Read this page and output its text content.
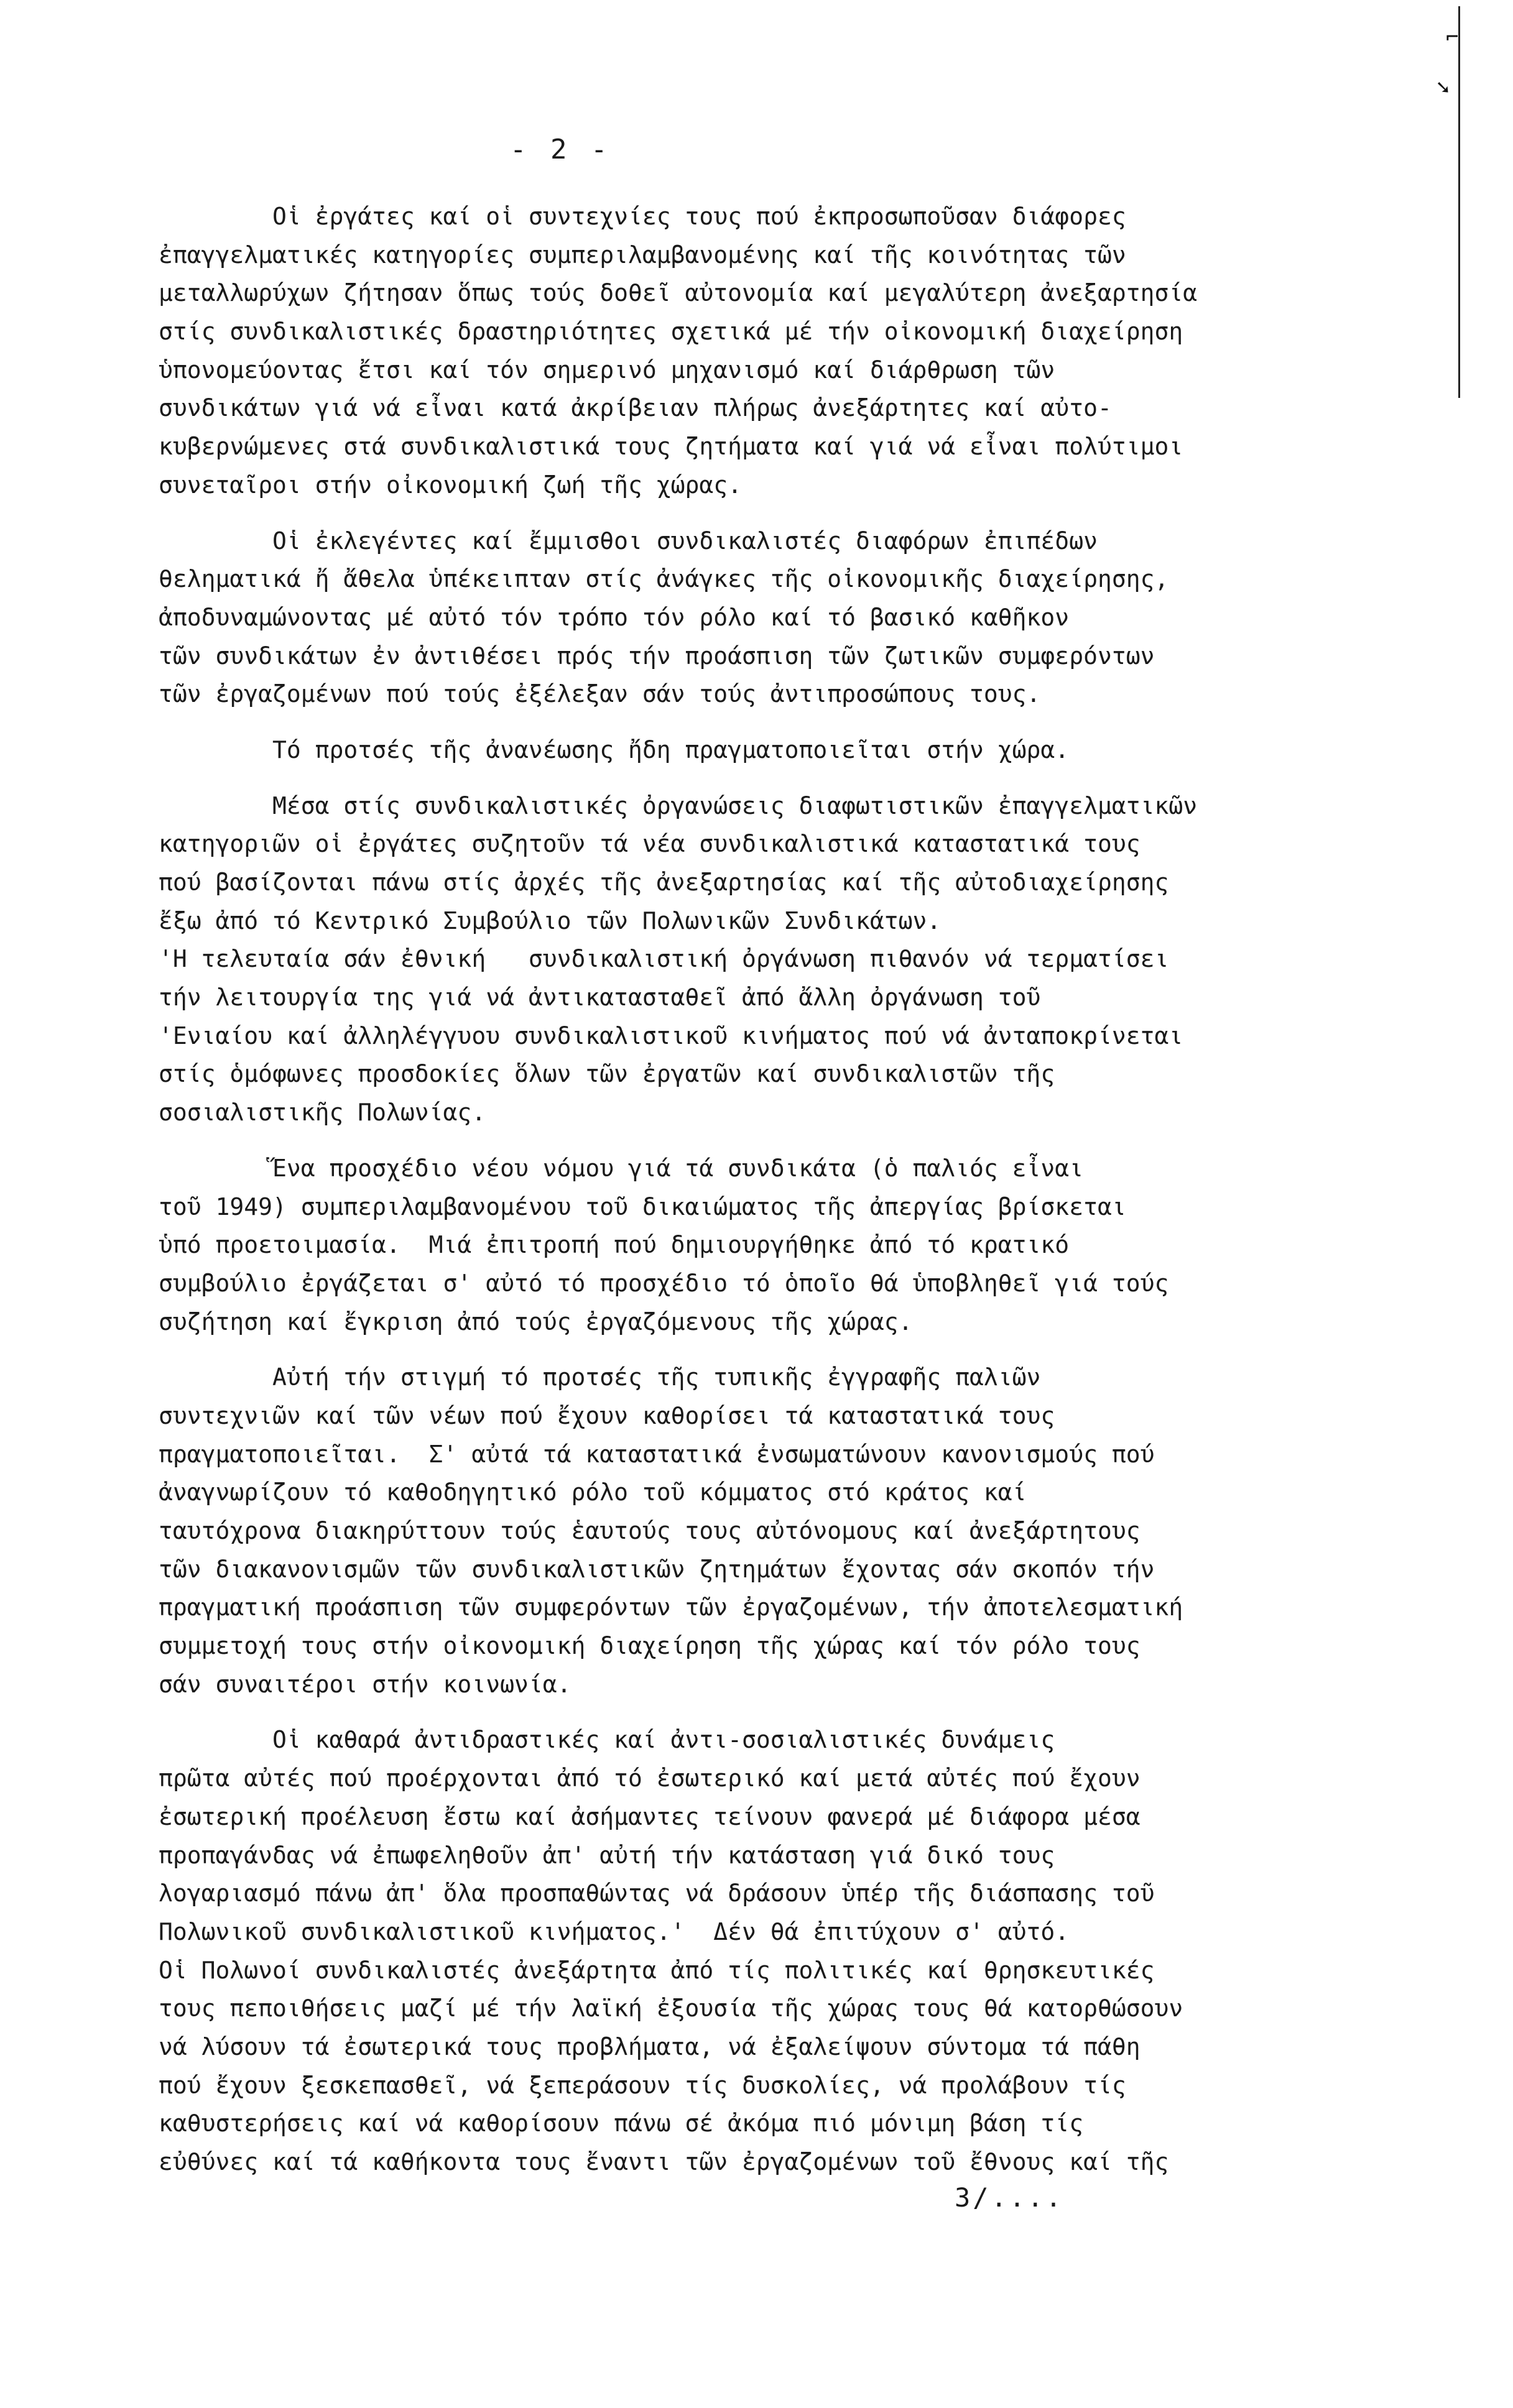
⌐
➘
- 2 -
Οἱ ἐργάτες καί οἱ συντεχνίες τους πού ἐκπροσωποῦσαν διάφορες
ἐπαγγελματικές κατηγορίες συμπεριλαμβανομένης καί τῆς κοινότητας τῶν
μεταλλωρύχων ζήτησαν ὅπως τούς δοθεῖ αὐτονομία καί μεγαλύτερη ἀνεξαρτησία
στίς συνδικαλιστικές δραστηριότητες σχετικά μέ τήν οἰκονομική διαχείρηση
ὑπονομεύοντας ἔτσι καί τόν σημερινό μηχανισμό καί διάρθρωση τῶν
συνδικάτων γιά νά εἶναι κατά ἀκρίβειαν πλήρως ἀνεξάρτητες καί αὐτο-
κυβερνώμενες στά συνδικαλιστικά τους ζητήματα καί γιά νά εἶναι πολύτιμοι
συνεταῖροι στήν οἰκονομική ζωή τῆς χώρας.
Οἱ ἐκλεγέντες καί ἔμμισθοι συνδικαλιστές διαφόρων ἐπιπέδων
θεληματικά ἤ ἄθελα ὑπέκειπταν στίς ἀνάγκες τῆς οἰκονομικῆς διαχείρησης,
ἀποδυναμώνοντας μέ αὐτό τόν τρόπο τόν ρόλο καί τό βασικό καθῆκον
τῶν συνδικάτων ἐν ἀντιθέσει πρός τήν προάσπιση τῶν ζωτικῶν συμφερόντων
τῶν ἐργαζομένων πού τούς ἐξέλεξαν σάν τούς ἀντιπροσώπους τους.
Τό προτσές τῆς ἀνανέωσης ἤδη πραγματοποιεῖται στήν χώρα.
Μέσα στίς συνδικαλιστικές ὀργανώσεις διαφωτιστικῶν ἐπαγγελματικῶν
κατηγοριῶν οἱ ἐργάτες συζητοῦν τά νέα συνδικαλιστικά καταστατικά τους
πού βασίζονται πάνω στίς ἀρχές τῆς ἀνεξαρτησίας καί τῆς αὐτοδιαχείρησης
ἔξω ἀπό τό Κεντρικό Συμβούλιο τῶν Πολωνικῶν Συνδικάτων.
'Η τελευταία σάν ἐθνική   συνδικαλιστική ὀργάνωση πιθανόν νά τερματίσει
τήν λειτουργία της γιά νά ἀντικατασταθεῖ ἀπό ἄλλη ὀργάνωση τοῦ
'Ενιαίου καί ἀλληλέγγυου συνδικαλιστικοῦ κινήματος πού νά ἀνταποκρίνεται
στίς ὁμόφωνες προσδοκίες ὅλων τῶν ἐργατῶν καί συνδικαλιστῶν τῆς
σοσιαλιστικῆς Πολωνίας.
Ἕνα προσχέδιο νέου νόμου γιά τά συνδικάτα (ὁ παλιός εἶναι
τοῦ 1949) συμπεριλαμβανομένου τοῦ δικαιώματος τῆς ἀπεργίας βρίσκεται
ὑπό προετοιμασία.  Μιά ἐπιτροπή πού δημιουργήθηκε ἀπό τό κρατικό
συμβούλιο ἐργάζεται σ' αὐτό τό προσχέδιο τό ὁποῖο θά ὑποβληθεῖ γιά τούς
συζήτηση καί ἔγκριση ἀπό τούς ἐργαζόμενους τῆς χώρας.
Αὐτή τήν στιγμή τό προτσές τῆς τυπικῆς ἐγγραφῆς παλιῶν
συντεχνιῶν καί τῶν νέων πού ἔχουν καθορίσει τά καταστατικά τους
πραγματοποιεῖται.  Σ' αὐτά τά καταστατικά ἐνσωματώνουν κανονισμούς πού
ἀναγνωρίζουν τό καθοδηγητικό ρόλο τοῦ κόμματος στό κράτος καί
ταυτόχρονα διακηρύττουν τούς ἑαυτούς τους αὐτόνομους καί ἀνεξάρτητους
τῶν διακανονισμῶν τῶν συνδικαλιστικῶν ζητημάτων ἔχοντας σάν σκοπόν τήν
πραγματική προάσπιση τῶν συμφερόντων τῶν ἐργαζομένων, τήν ἀποτελεσματική
συμμετοχή τους στήν οἰκονομική διαχείρηση τῆς χώρας καί τόν ρόλο τους
σάν συναιτέροι στήν κοινωνία.
Οἱ καθαρά ἀντιδραστικές καί ἀντι-σοσιαλιστικές δυνάμεις
πρῶτα αὐτές πού προέρχονται ἀπό τό ἐσωτερικό καί μετά αὐτές πού ἔχουν
ἐσωτερική προέλευση ἔστω καί ἀσήμαντες τείνουν φανερά μέ διάφορα μέσα
προπαγάνδας νά ἐπωφεληθοῦν ἀπ' αὐτή τήν κατάσταση γιά δικό τους
λογαριασμό πάνω ἀπ' ὅλα προσπαθώντας νά δράσουν ὑπέρ τῆς διάσπασης τοῦ
Πολωνικοῦ συνδικαλιστικοῦ κινήματος.'  Δέν θά ἐπιτύχουν σ' αὐτό.
Οἱ Πολωνοί συνδικαλιστές ἀνεξάρτητα ἀπό τίς πολιτικές καί θρησκευτικές
τους πεποιθήσεις μαζί μέ τήν λαϊκή ἐξουσία τῆς χώρας τους θά κατορθώσουν
νά λύσουν τά ἐσωτερικά τους προβλήματα, νά ἐξαλείψουν σύντομα τά πάθη
πού ἔχουν ξεσκεπασθεῖ, νά ξεπεράσουν τίς δυσκολίες, νά προλάβουν τίς
καθυστερήσεις καί νά καθορίσουν πάνω σέ ἀκόμα πιό μόνιμη βάση τίς
εὐθύνες καί τά καθήκοντα τους ἔναντι τῶν ἐργαζομένων τοῦ ἔθνους καί τῆς
3/....
